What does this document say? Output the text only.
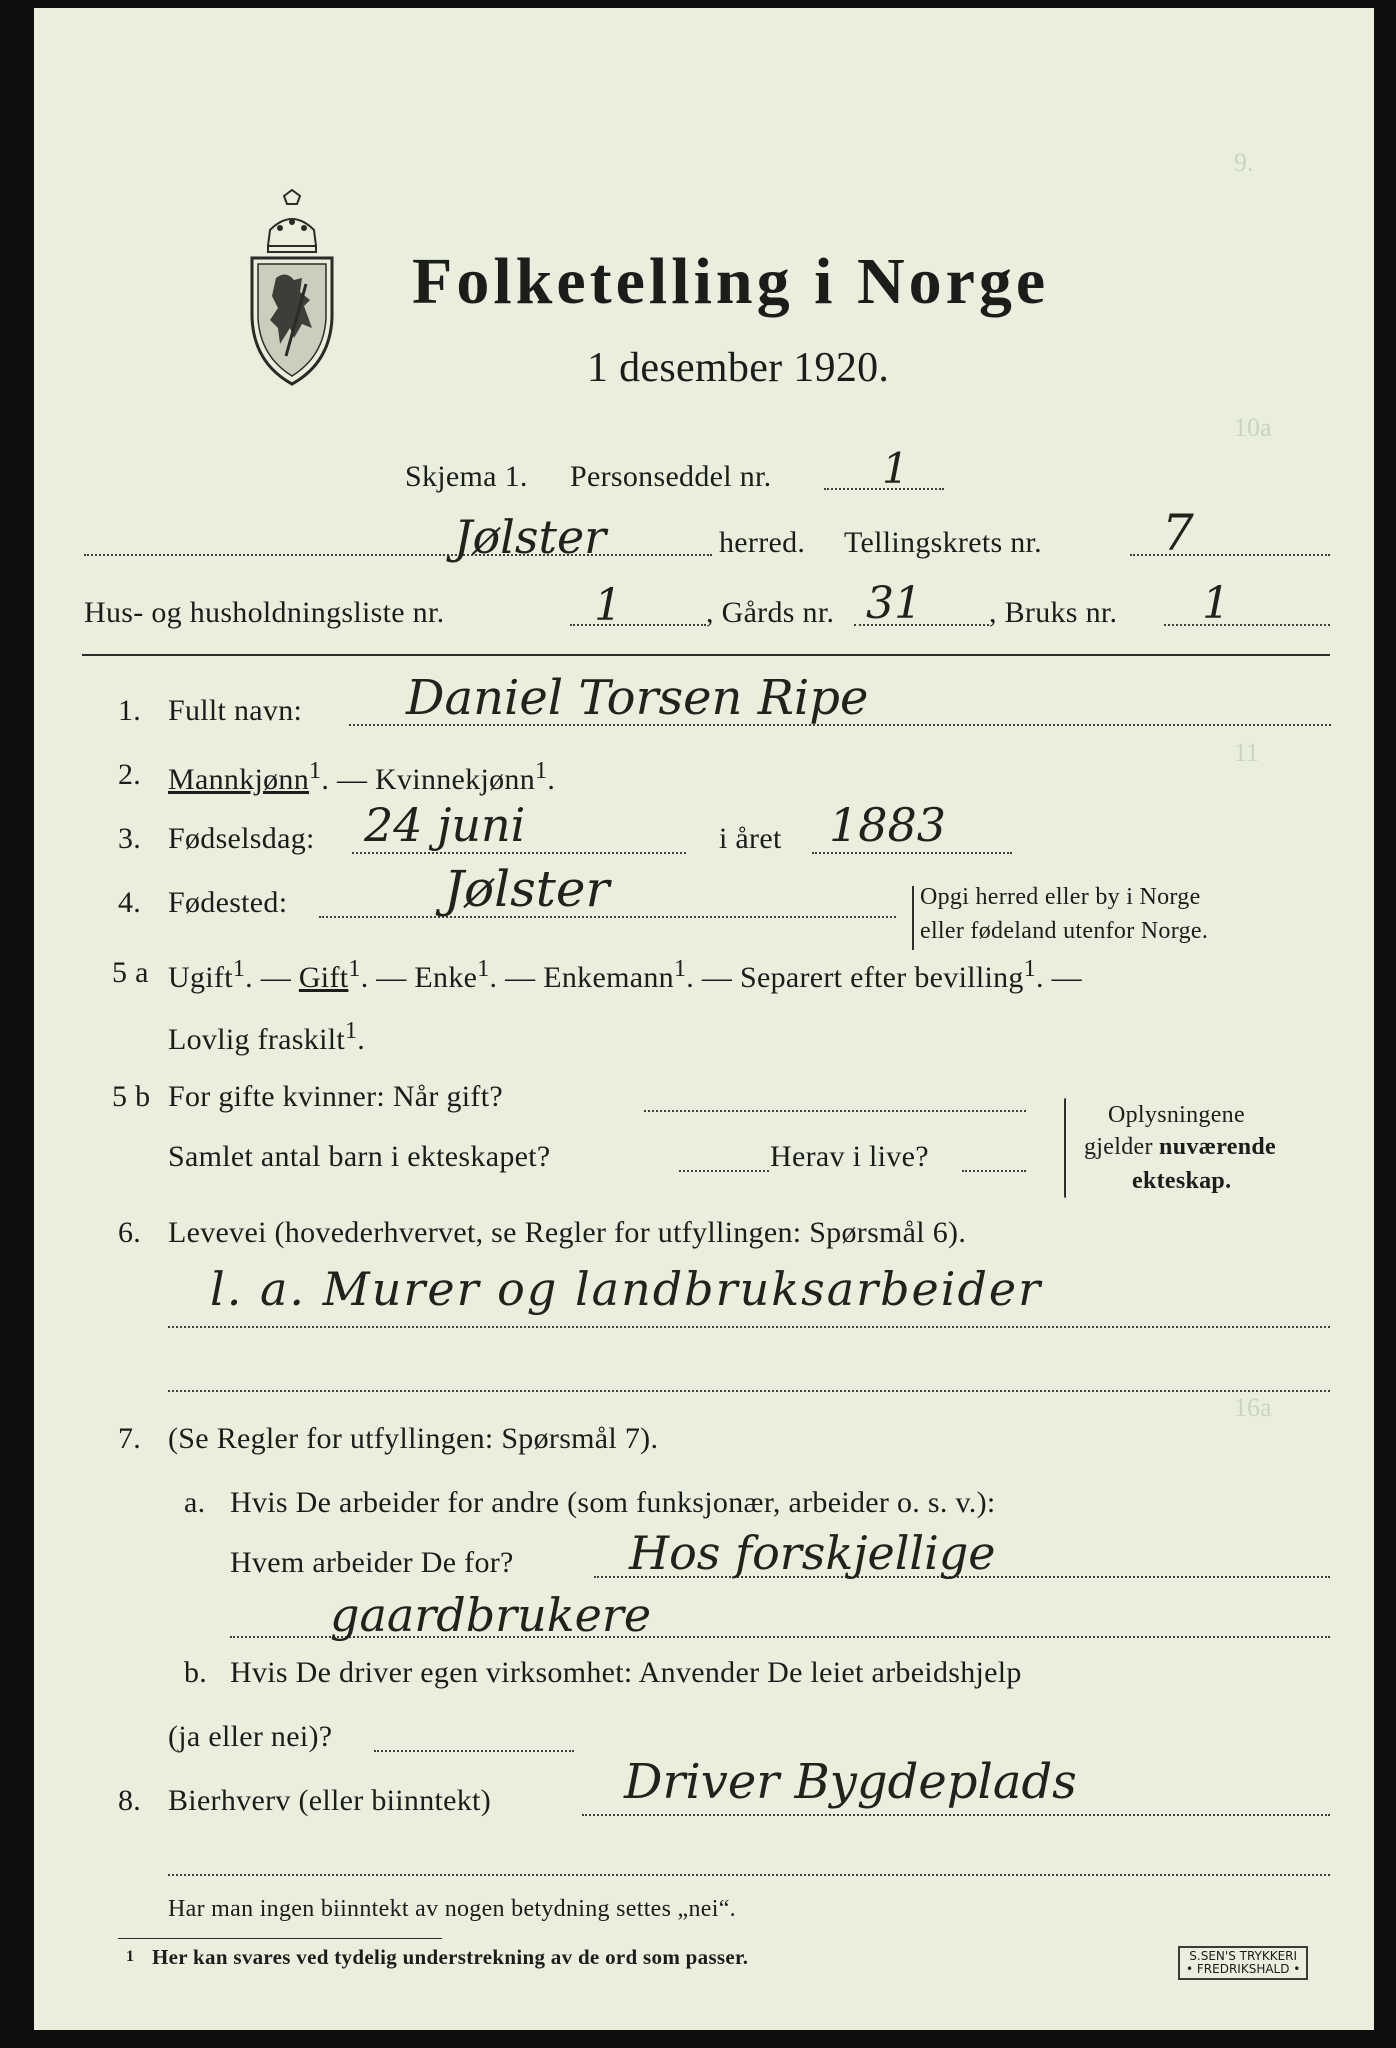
9.
10a
11
16a
Folketelling i Norge
1 desember 1920.
Skjema 1. Personseddel nr.	1
Jølster	herred. Tellingskrets nr. 7
Hus- og husholdningsliste nr.	1	, Gårds nr. 31 , Bruks nr. 1
1. Fullt navn: Daniel Torsen Ripe
2. Mannkjønn$^1$. — Kvinnekjønn$^1$.
3. Fødselsdag: 24 juni	i året 1883
4. Fødested:	Jølster	Opgi herred eller by i Norge
eller fødeland utenfor Norge.
5 a Ugift$^1$. — Gift$^1$. — Enke$^1$. — Enkemann$^1$. — Separert efter bevilling$^1$. —
Lovlig fraskilt$^1$.
5 b For gifte kvinner: Når gift?
Samlet antal barn i ekteskapet?	Herav i live?
Oplysningene
gjelder nuværende
ekteskap.
6. Levevei (hovederhvervet, se Regler for utfyllingen: Spørsmål 6).
l. a. Murer og landbruksarbeider
7. (Se Regler for utfyllingen: Spørsmål 7).
a. Hvis De arbeider for andre (som funksjonær, arbeider o. s. v.):
Hvem arbeider De for?	Hos forskjellige
gaardbrukere
b. Hvis De driver egen virksomhet: Anvender De leiet arbeidshjelp
(ja eller nei)?
8. Bierhverv (eller biinntekt)	Driver Bygdeplads
Har man ingen biinntekt av nogen betydning settes „nei“.
1 Her kan svares ved tydelig understrekning av de ord som passer.	S.SEN'S TRYKKERI
• FREDRIKSHALD •
